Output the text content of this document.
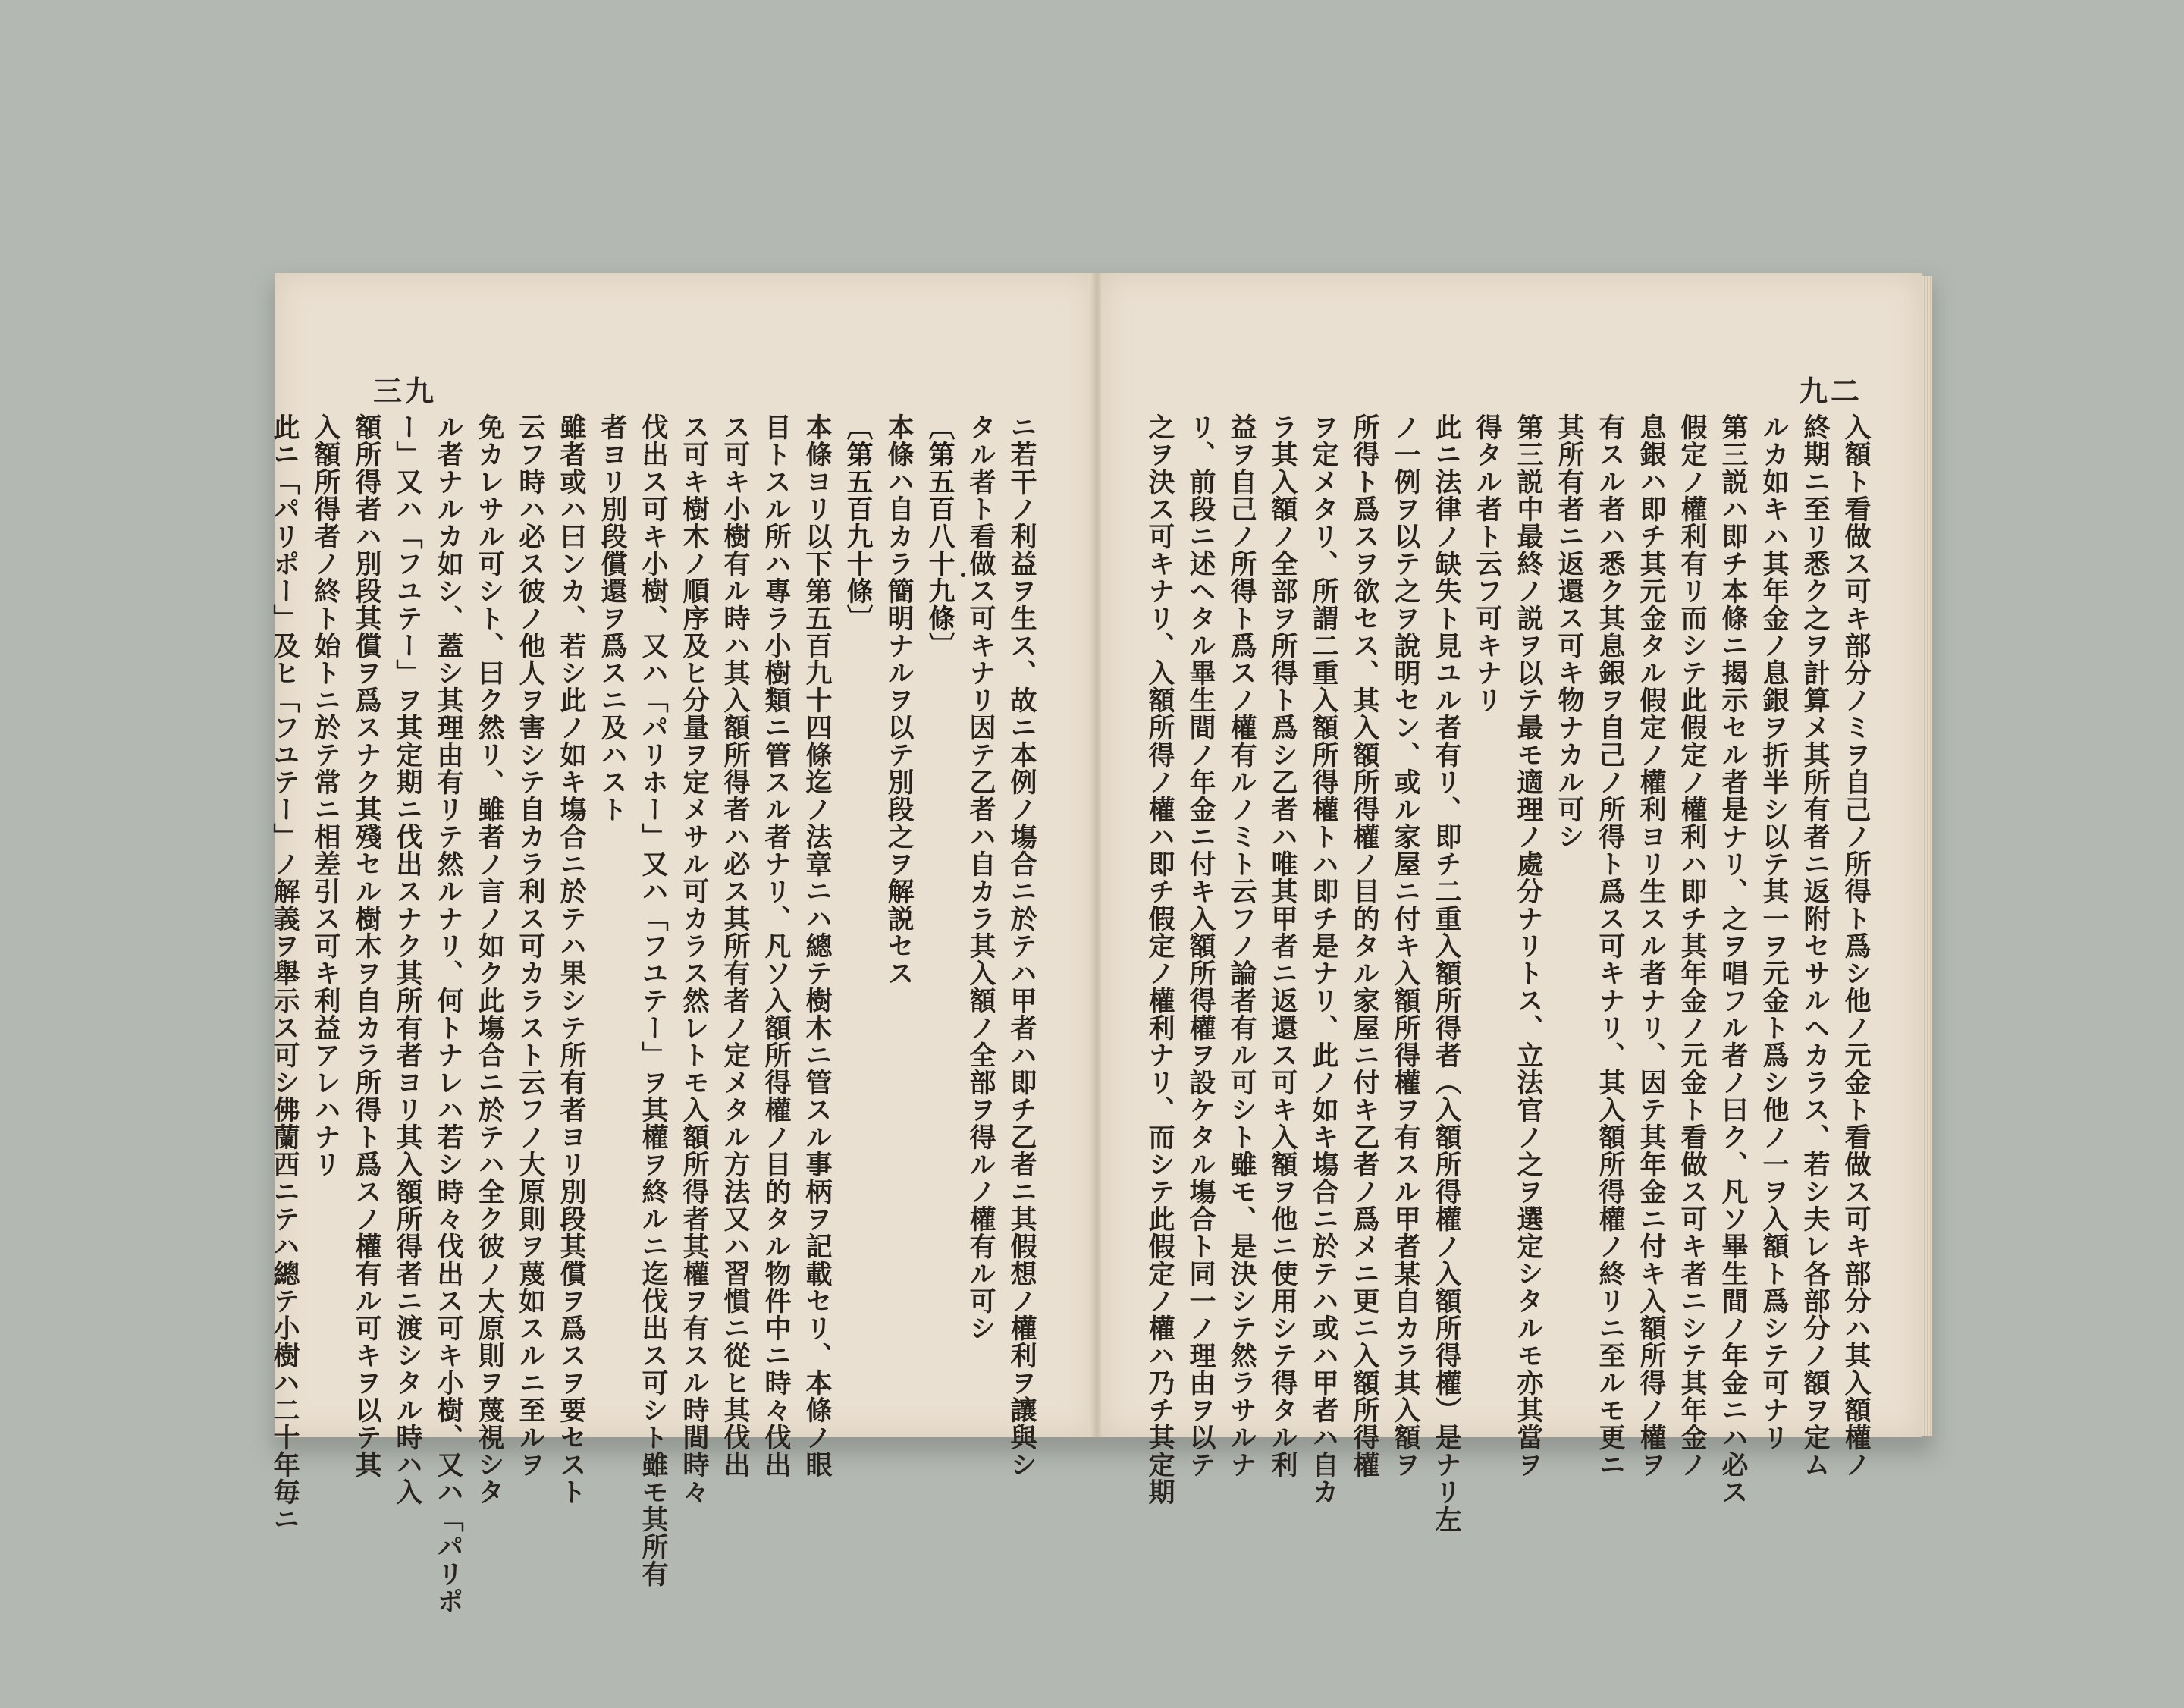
三九
ニ若干ノ利益ヲ生ス、故ニ本例ノ塲合ニ於テハ甲者ハ即チ乙者ニ其假想ノ權利ヲ讓與シ
タル者ト看做ス可キナリ因テ乙者ハ自カラ其入額ノ全部ヲ得ルノ權有ル可シ
〔第五百八十九條〕
本條ハ自カラ簡明ナルヲ以テ別段之ヲ解説セス
〔第五百九十條〕
本條ヨリ以下第五百九十四條迄ノ法章ニハ總テ樹木ニ管スル事柄ヲ記載セリ、本條ノ眼
目トスル所ハ專ラ小樹類ニ管スル者ナリ、凡ソ入額所得權ノ目的タル物件中ニ時々伐出
ス可キ小樹有ル時ハ其入額所得者ハ必ス其所有者ノ定メタル方法又ハ習慣ニ從ヒ其伐出
ス可キ樹木ノ順序及ヒ分量ヲ定メサル可カラス然レトモ入額所得者其權ヲ有スル時間時々
伐出ス可キ小樹、又ハ「パリホー」又ハ「フユテー」ヲ其權ヲ終ルニ迄伐出ス可シト雖モ其所有
者ヨリ別段償還ヲ爲スニ及ハスト
雖者或ハ曰ンカ、若シ此ノ如キ塲合ニ於テハ果シテ所有者ヨリ別段其償ヲ爲スヲ要セスト
云フ時ハ必ス彼ノ他人ヲ害シテ自カラ利ス可カラスト云フノ大原則ヲ蔑如スルニ至ルヲ
免カレサル可シト、曰ク然リ、雖者ノ言ノ如ク此塲合ニ於テハ全ク彼ノ大原則ヲ蔑視シタ
ル者ナルカ如シ、蓋シ其理由有リテ然ルナリ、何トナレハ若シ時々伐出ス可キ小樹、又ハ「パリポ
ー」又ハ「フユテー」ヲ其定期ニ伐出スナク其所有者ヨリ其入額所得者ニ渡シタル時ハ入
額所得者ハ別段其償ヲ爲スナク其殘セル樹木ヲ自カラ所得ト爲スノ權有ル可キヲ以テ其
入額所得者ノ終ト始トニ於テ常ニ相差引ス可キ利益アレハナリ
此ニ「パリポー」及ヒ「フユテー」ノ解義ヲ舉示ス可シ佛蘭西ニテハ總テ小樹ハ二十年毎ニ
九二
入額ト看做ス可キ部分ノミヲ自己ノ所得ト爲シ他ノ元金ト看做ス可キ部分ハ其入額權ノ
終期ニ至リ悉ク之ヲ計算メ其所有者ニ返附セサルヘカラス、若シ夫レ各部分ノ額ヲ定ム
ルカ如キハ其年金ノ息銀ヲ折半シ以テ其一ヲ元金ト爲シ他ノ一ヲ入額ト爲シテ可ナリ
第三説ハ即チ本條ニ揭示セル者是ナリ、之ヲ唱フル者ノ曰ク、凡ソ畢生間ノ年金ニハ必ス
假定ノ權利有リ而シテ此假定ノ權利ハ即チ其年金ノ元金ト看做ス可キ者ニシテ其年金ノ
息銀ハ即チ其元金タル假定ノ權利ヨリ生スル者ナリ、因テ其年金ニ付キ入額所得ノ權ヲ
有スル者ハ悉ク其息銀ヲ自己ノ所得ト爲ス可キナリ、其入額所得權ノ終リニ至ルモ更ニ
其所有者ニ返還ス可キ物ナカル可シ
第三説中最終ノ説ヲ以テ最モ適理ノ處分ナリトス、立法官ノ之ヲ選定シタルモ亦其當ヲ
得タル者ト云フ可キナリ
此ニ法律ノ缺失ト見ユル者有リ、即チ二重入額所得者（入額所得權ノ入額所得權）是ナリ左
ノ一例ヲ以テ之ヲ說明セン、或ル家屋ニ付キ入額所得權ヲ有スル甲者某自カラ其入額ヲ
所得ト爲スヲ欲セス、其入額所得權ノ目的タル家屋ニ付キ乙者ノ爲メニ更ニ入額所得權
ヲ定メタリ、所謂二重入額所得權トハ即チ是ナリ、此ノ如キ塲合ニ於テハ或ハ甲者ハ自カ
ラ其入額ノ全部ヲ所得ト爲シ乙者ハ唯其甲者ニ返還ス可キ入額ヲ他ニ使用シテ得タル利
益ヲ自己ノ所得ト爲スノ權有ルノミト云フノ論者有ル可シト雖モ、是決シテ然ラサルナ
リ、前段ニ述ヘタル畢生間ノ年金ニ付キ入額所得權ヲ設ケタル塲合ト同一ノ理由ヲ以テ
之ヲ決ス可キナリ、入額所得ノ權ハ即チ假定ノ權利ナリ、而シテ此假定ノ權ハ乃チ其定期
